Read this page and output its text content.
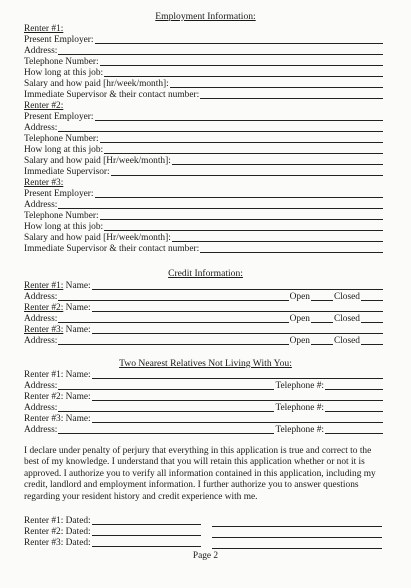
Employment Information:
Renter #1:
Present Employer:
Address:
Telephone Number:
How long at this job:
Salary and how paid [hr/week/month]:
Immediate Supervisor & their contact number:
Renter #2:
Present Employer:
Address:
Telephone Number:
How long at this job:
Salary and how paid [Hr/week/month]:
Immediate Supervisor:
Renter #3:
Present Employer:
Address:
Telephone Number:
How long at this job:
Salary and how paid [Hr/week/month]:
Immediate Supervisor & their contact number:
Credit Information:
Renter #1:
Name:
Address:	Open	Closed
Renter #2:
Name:
Address:	Open	Closed
Renter #3:
Name:
Address:	Open	Closed
Two Nearest Relatives Not Living With You:
Renter #1: Name:
Address:	Telephone #:
Renter #2: Name:
Address:	Telephone #:
Renter #3: Name:
Address:	Telephone #:
I declare under penalty of perjury that everything in this application is true and correct to the best of my knowledge. I understand that you will retain this application whether or not it is approved. I authorize you to verify all information contained in this application, including my credit, landlord and employment information. I further authorize you to answer questions regarding your resident history and credit experience with me.
Renter #1: Dated:
Renter #2: Dated:
Renter #3: Dated:
Page 2
